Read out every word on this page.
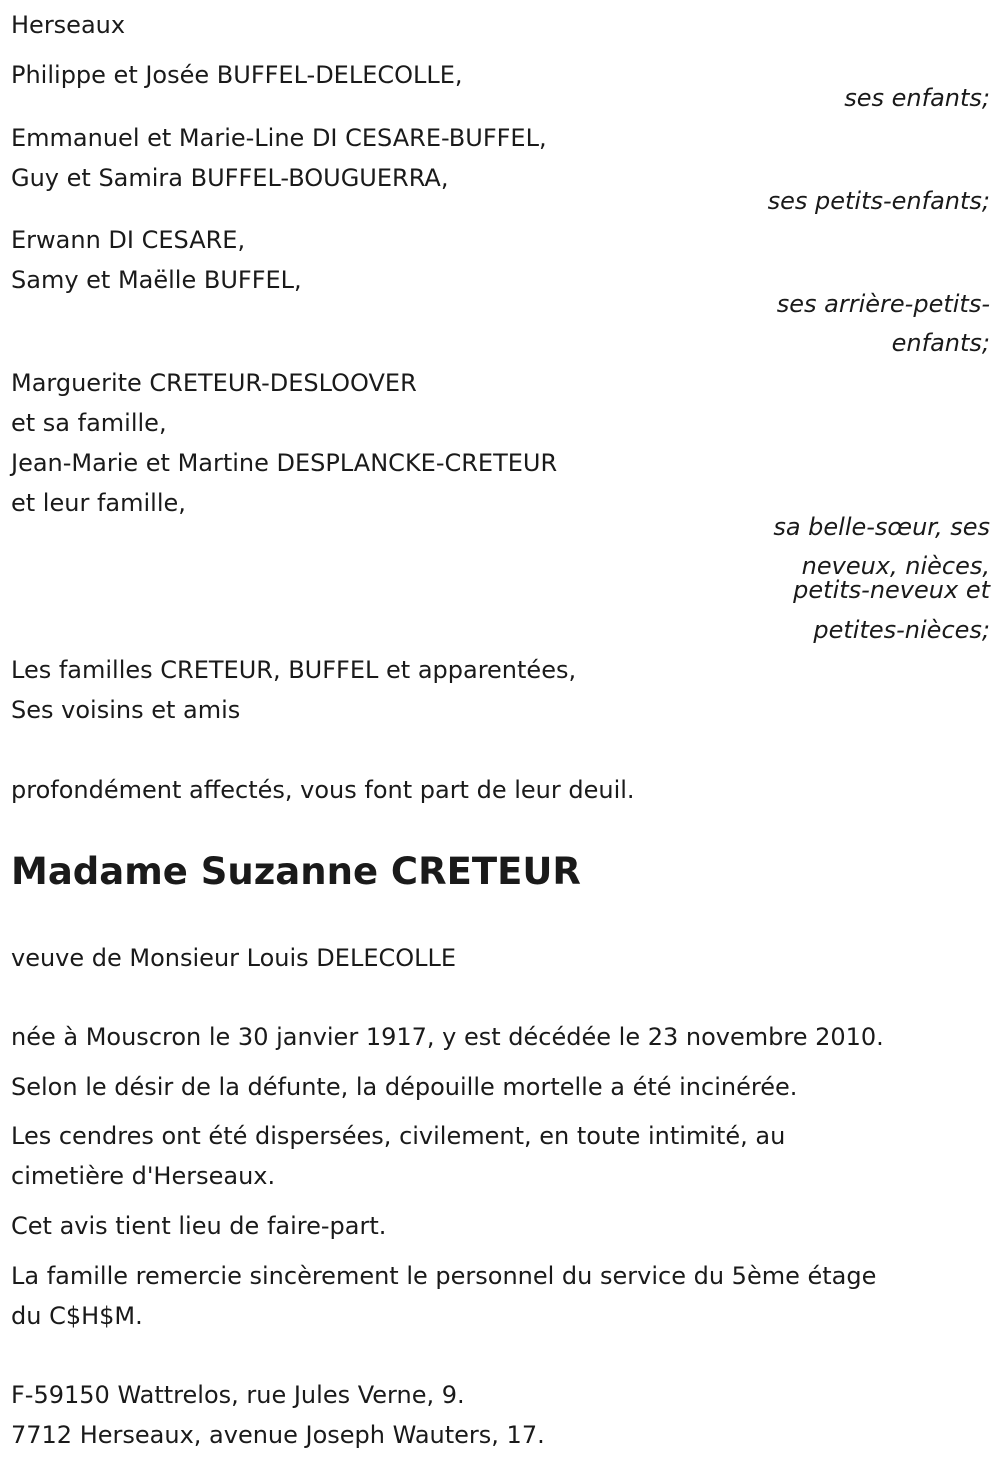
Herseaux

Philippe et Josée BUFFEL-DELECOLLE,

ses enfants;

Emmanuel et Marie-Line DI CESARE-BUFFEL,

Guy et Samira BUFFEL-BOUGUERRA,

ses petits-enfants;

Erwann DI CESARE,

Samy et Maëlle BUFFEL,

ses arrière-petits-

enfants;

Marguerite CRETEUR-DESLOOVER

et sa famille,

Jean-Marie et Martine DESPLANCKE-CRETEUR

et leur famille,

sa belle-sœur, ses

neveux, nièces,

petits-neveux et

petites-nièces;

Les familles CRETEUR, BUFFEL et apparentées,

Ses voisins et amis

profondément affectés, vous font part de leur deuil.

Madame Suzanne CRETEUR

veuve de Monsieur Louis DELECOLLE

née à Mouscron le 30 janvier 1917, y est décédée le 23 novembre 2010.

Selon le désir de la défunte, la dépouille mortelle a été incinérée.

Les cendres ont été dispersées, civilement, en toute intimité, au

cimetière d'Herseaux.

Cet avis tient lieu de faire-part.

La famille remercie sincèrement le personnel du service du 5ème étage

du C$H$M.

F-59150 Wattrelos, rue Jules Verne, 9.

7712 Herseaux, avenue Joseph Wauters, 17.
